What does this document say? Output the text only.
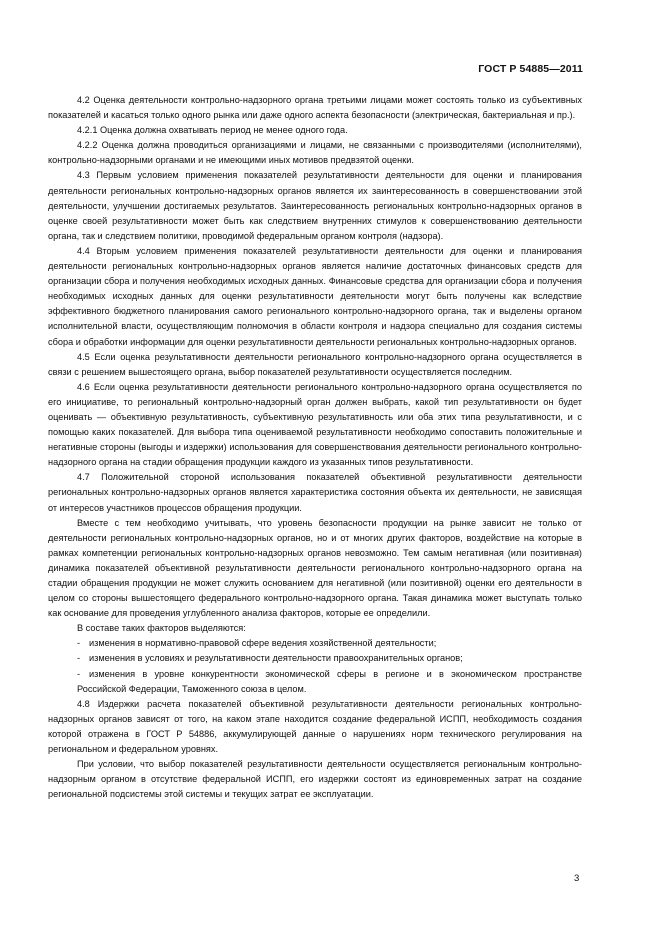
ГОСТ Р 54885—2011

4.2 Оценка деятельности контрольно-надзорного органа третьими лицами может состоять только из субъективных показателей и касаться только одного рынка или даже одного аспекта безопасности (электрическая, бактериальная и пр.).

4.2.1 Оценка должна охватывать период не менее одного года.

4.2.2 Оценка должна проводиться организациями и лицами, не связанными с производителями (исполнителями), контрольно-надзорными органами и не имеющими иных мотивов предвзятой оценки.

4.3 Первым условием применения показателей результативности деятельности для оценки и планирования деятельности региональных контрольно-надзорных органов является их заинтересованность в совершенствовании этой деятельности, улучшении достигаемых результатов. Заинтересованность региональных контрольно-надзорных органов в оценке своей результативности может быть как следствием внутренних стимулов к совершенствованию деятельности органа, так и следствием политики, проводимой федеральным органом контроля (надзора).

4.4 Вторым условием применения показателей результативности деятельности для оценки и планирования деятельности региональных контрольно-надзорных органов является наличие достаточных финансовых средств для организации сбора и получения необходимых исходных данных. Финансовые средства для организации сбора и получения необходимых исходных данных для оценки результативности деятельности могут быть получены как вследствие эффективного бюджетного планирования самого регионального контрольно-надзорного органа, так и выделены органом исполнительной власти, осуществляющим полномочия в области контроля и надзора специально для создания системы сбора и обработки информации для оценки результативности деятельности региональных контрольно-надзорных органов.

4.5 Если оценка результативности деятельности регионального контрольно-надзорного органа осуществляется в связи с решением вышестоящего органа, выбор показателей результативности осуществляется последним.

4.6 Если оценка результативности деятельности регионального контрольно-надзорного органа осуществляется по его инициативе, то региональный контрольно-надзорный орган должен выбрать, какой тип результативности он будет оценивать — объективную результативность, субъективную результативность или оба этих типа результативности, и с помощью каких показателей. Для выбора типа оцениваемой результативности необходимо сопоставить положительные и негативные стороны (выгоды и издержки) использования для совершенствования деятельности регионального контрольно-надзорного органа на стадии обращения продукции каждого из указанных типов результативности.

4.7 Положительной стороной использования показателей объективной результативности деятельности региональных контрольно-надзорных органов является характеристика состояния объекта их деятельности, не зависящая от интересов участников процессов обращения продукции.

Вместе с тем необходимо учитывать, что уровень безопасности продукции на рынке зависит не только от деятельности региональных контрольно-надзорных органов, но и от многих других факторов, воздействие на которые в рамках компетенции региональных контрольно-надзорных органов невозможно. Тем самым негативная (или позитивная) динамика показателей объективной результативности деятельности регионального контрольно-надзорного органа на стадии обращения продукции не может служить основанием для негативной (или позитивной) оценки его деятельности в целом со стороны вышестоящего федерального контрольно-надзорного органа. Такая динамика может выступать только как основание для проведения углубленного анализа факторов, которые ее определили.

В составе таких факторов выделяются:

- изменения в нормативно-правовой сфере ведения хозяйственной деятельности;

- изменения в условиях и результативности деятельности правоохранительных органов;

- изменения в уровне конкурентности экономической сферы в регионе и в экономическом пространстве Российской Федерации, Таможенного союза в целом.

4.8 Издержки расчета показателей объективной результативности деятельности региональных контрольно-надзорных органов зависят от того, на каком этапе находится создание федеральной ИСПП, необходимость создания которой отражена в ГОСТ Р 54886, аккумулирующей данные о нарушениях норм технического регулирования на региональном и федеральном уровнях.

При условии, что выбор показателей результативности деятельности осуществляется региональным контрольно-надзорным органом в отсутствие федеральной ИСПП, его издержки состоят из единовременных затрат на создание региональной подсистемы этой системы и текущих затрат ее эксплуатации.

3
